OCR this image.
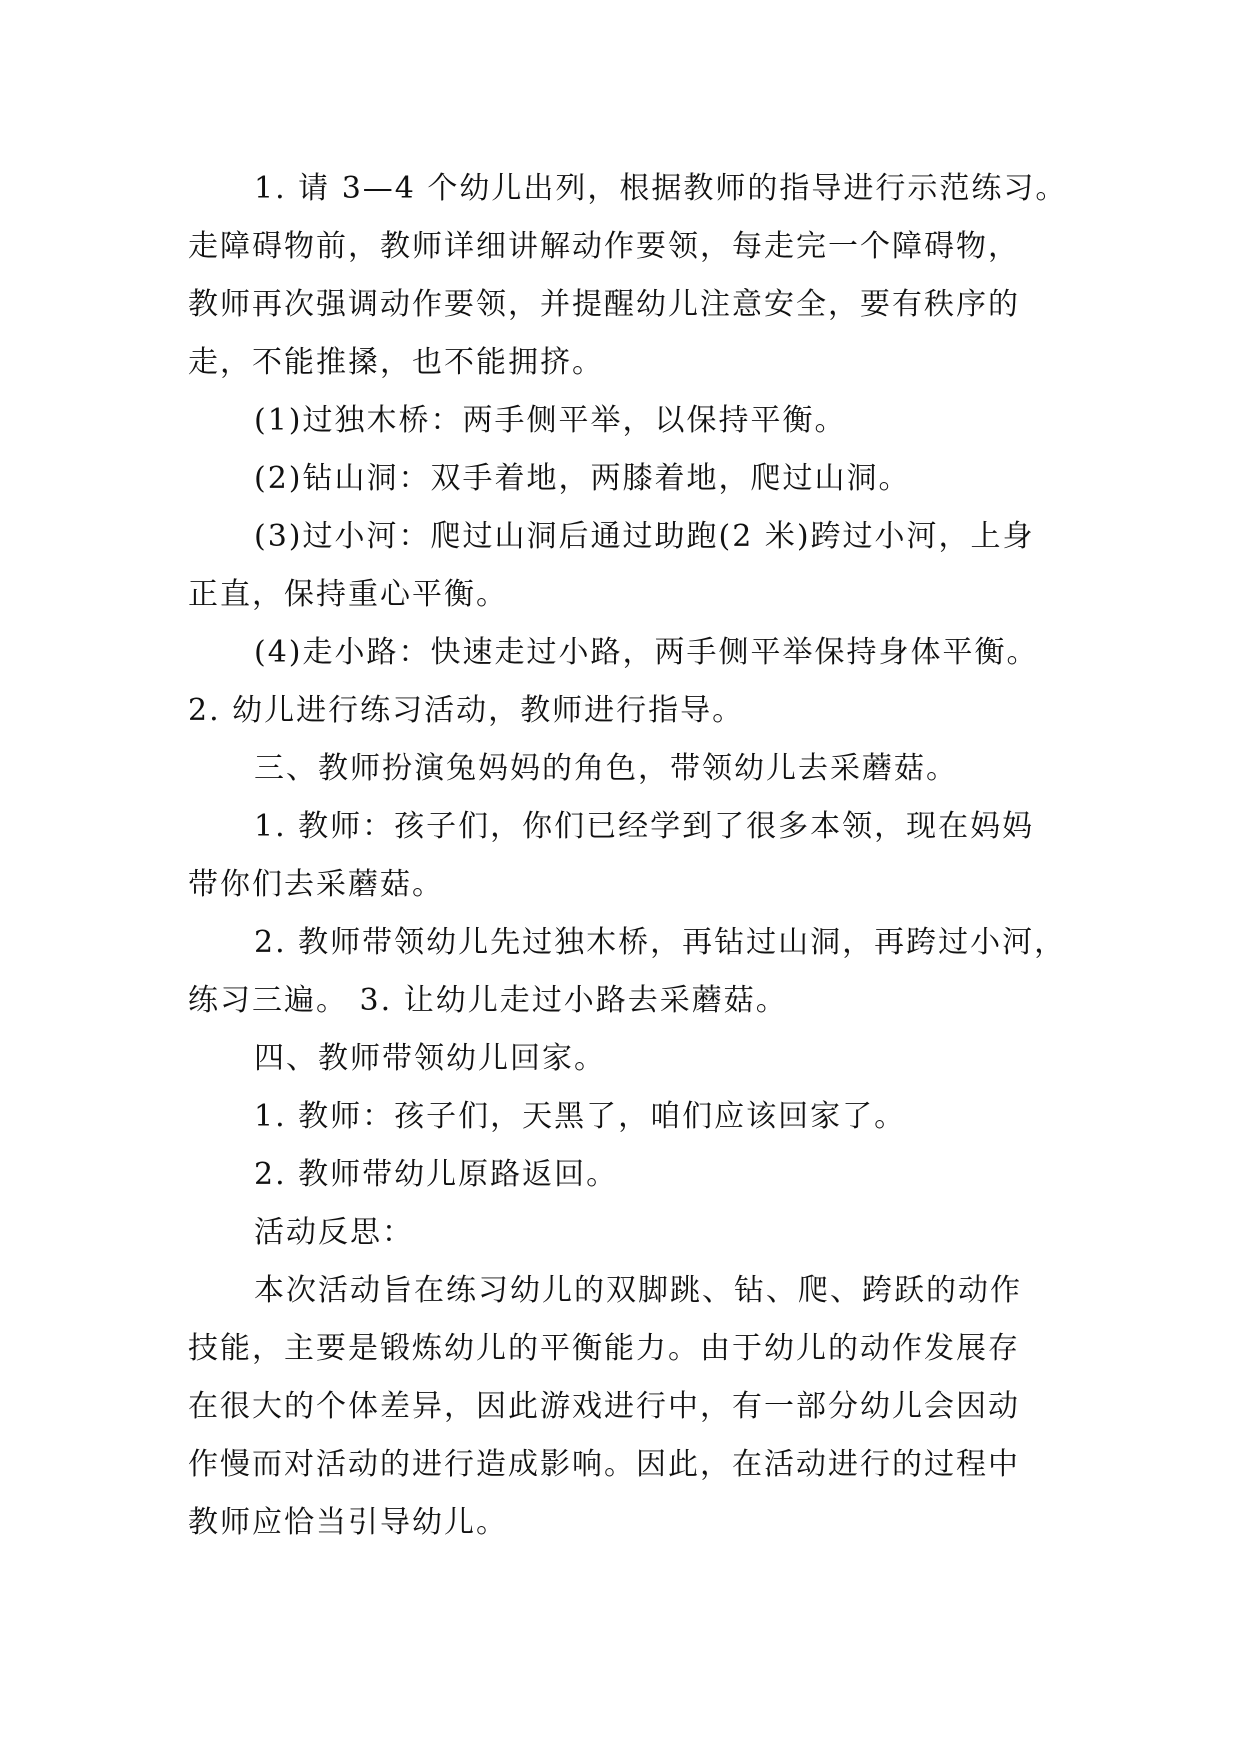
1. 请 3—4 个幼儿出列，根据教师的指导进行示范练习。
走障碍物前，教师详细讲解动作要领，每走完一个障碍物，
教师再次强调动作要领，并提醒幼儿注意安全，要有秩序的
走，不能推搡，也不能拥挤。
(1)过独木桥：两手侧平举，以保持平衡。
(2)钻山洞：双手着地，两膝着地，爬过山洞。
(3)过小河：爬过山洞后通过助跑(2 米)跨过小河，上身
正直，保持重心平衡。
(4)走小路：快速走过小路，两手侧平举保持身体平衡。
2. 幼儿进行练习活动，教师进行指导。
三、教师扮演兔妈妈的角色，带领幼儿去采蘑菇。
1. 教师：孩子们，你们已经学到了很多本领，现在妈妈
带你们去采蘑菇。
2. 教师带领幼儿先过独木桥，再钻过山洞，再跨过小河，
练习三遍。 3. 让幼儿走过小路去采蘑菇。
四、教师带领幼儿回家。
1. 教师：孩子们，天黑了，咱们应该回家了。
2. 教师带幼儿原路返回。
活动反思：
本次活动旨在练习幼儿的双脚跳、钻、爬、跨跃的动作
技能，主要是锻炼幼儿的平衡能力。由于幼儿的动作发展存
在很大的个体差异，因此游戏进行中，有一部分幼儿会因动
作慢而对活动的进行造成影响。因此，在活动进行的过程中
教师应恰当引导幼儿。
